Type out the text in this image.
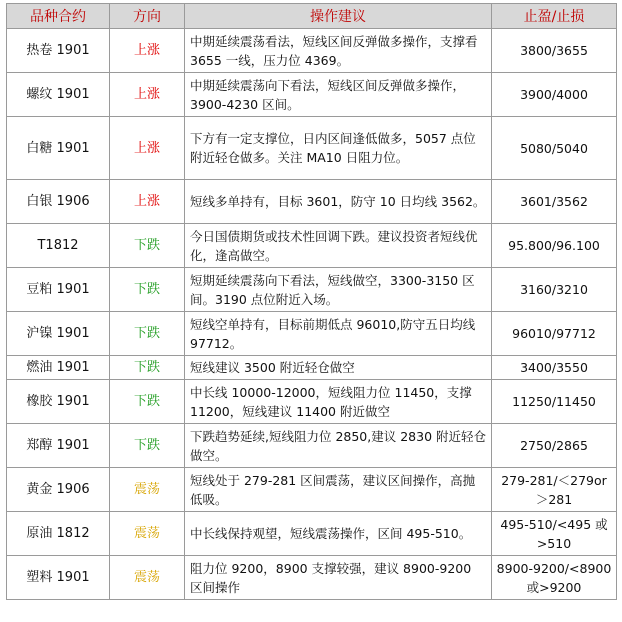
品种合约	方向	操作建议	止盈/止损
热卷 1901	上涨	中期延续震荡看法，短线区间反弹做多操作，支撑看 3655 一线，压力位 4369。	3800/3655
螺纹 1901	上涨	中期延续震荡向下看法，短线区间反弹做多操作， 3900-4230 区间。	3900/4000
白糖 1901	上涨	下方有一定支撑位，日内区间逢低做多，5057 点位附近轻仓做多。关注 MA10 日阻力位。	5080/5040
白银 1906	上涨	短线多单持有，目标 3601，防守 10 日均线 3562。	3601/3562
T1812	下跌	今日国债期货或技术性回调下跌。建议投资者短线优化，逢高做空。	95.800/96.100
豆粕 1901	下跌	短期延续震荡向下看法，短线做空，3300-3150 区间。3190 点位附近入场。	3160/3210
沪镍 1901	下跌	短线空单持有，目标前期低点 96010,防守五日均线 97712。	96010/97712
燃油 1901	下跌	短线建议 3500 附近轻仓做空	3400/3550
橡胶 1901	下跌	中长线 10000-12000，短线阻力位 11450，支撑 11200，短线建议 11400 附近做空	11250/11450
郑醇 1901	下跌	下跌趋势延续,短线阻力位 2850,建议 2830 附近轻仓做空。	2750/2865
黄金 1906	震荡	短线处于 279-281 区间震荡，建议区间操作，高抛低吸。	279-281/＜279or＞281
原油 1812	震荡	中长线保持观望，短线震荡操作，区间 495-510。	495-510/<495 或>510
塑料 1901	震荡	阻力位 9200，8900 支撑较强，建议 8900-9200 区间操作	8900-9200/<8900 或>9200
